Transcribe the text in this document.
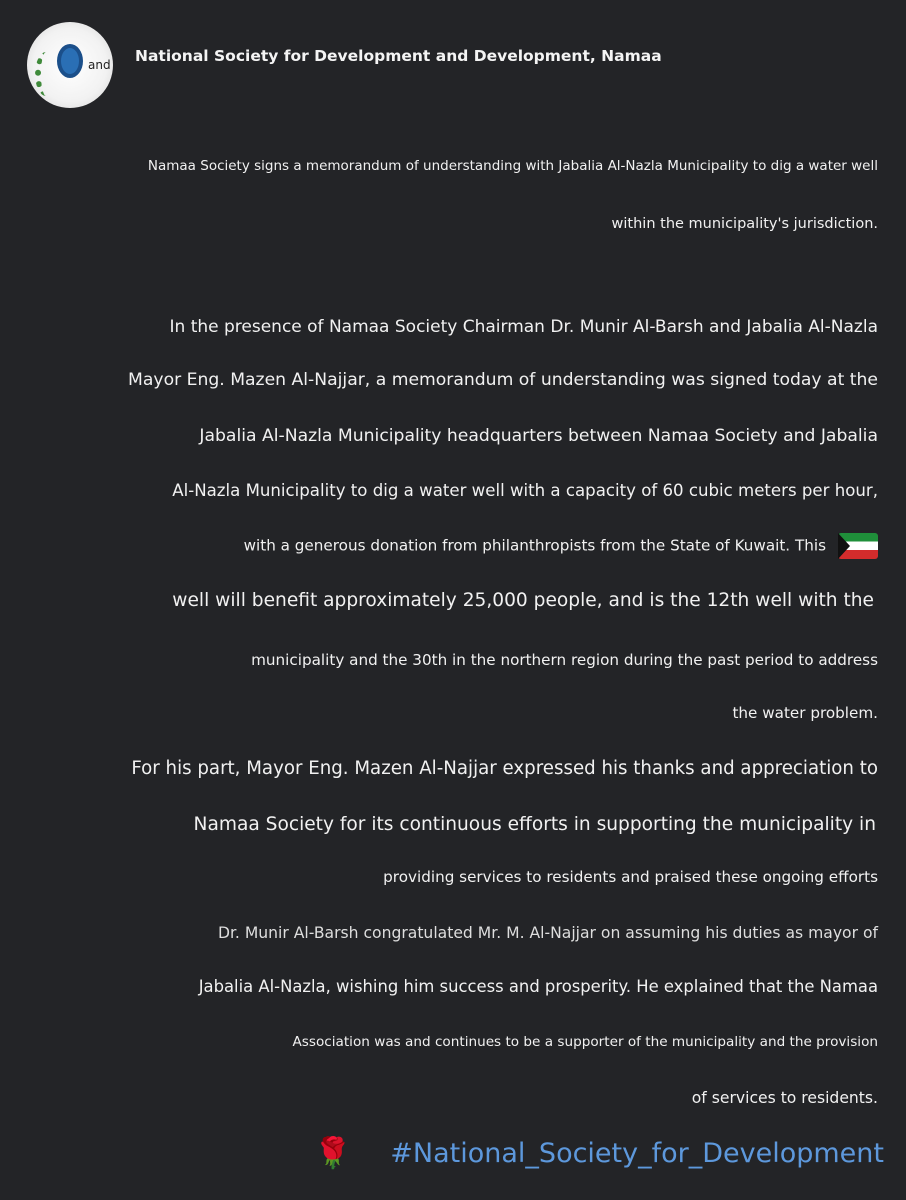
and National Society for Development and Development, Namaa
Namaa Society signs a memorandum of understanding with Jabalia Al-Nazla Municipality to dig a water well
within the municipality's jurisdiction.
In the presence of Namaa Society Chairman Dr. Munir Al-Barsh and Jabalia Al-Nazla
Mayor Eng. Mazen Al-Najjar, a memorandum of understanding was signed today at the
Jabalia Al-Nazla Municipality headquarters between Namaa Society and Jabalia
Al-Nazla Municipality to dig a water well with a capacity of 60 cubic meters per hour,
with a generous donation from philanthropists from the State of Kuwait. This
well will benefit approximately 25,000 people, and is the 12th well with the
municipality and the 30th in the northern region during the past period to address
the water problem.
For his part, Mayor Eng. Mazen Al-Najjar expressed his thanks and appreciation to
Namaa Society for its continuous efforts in supporting the municipality in
providing services to residents and praised these ongoing efforts
Dr. Munir Al-Barsh congratulated Mr. M. Al-Najjar on assuming his duties as mayor of
Jabalia Al-Nazla, wishing him success and prosperity. He explained that the Namaa
Association was and continues to be a supporter of the municipality and the provision
of services to residents.
🌹 #National_Society_for_Development
